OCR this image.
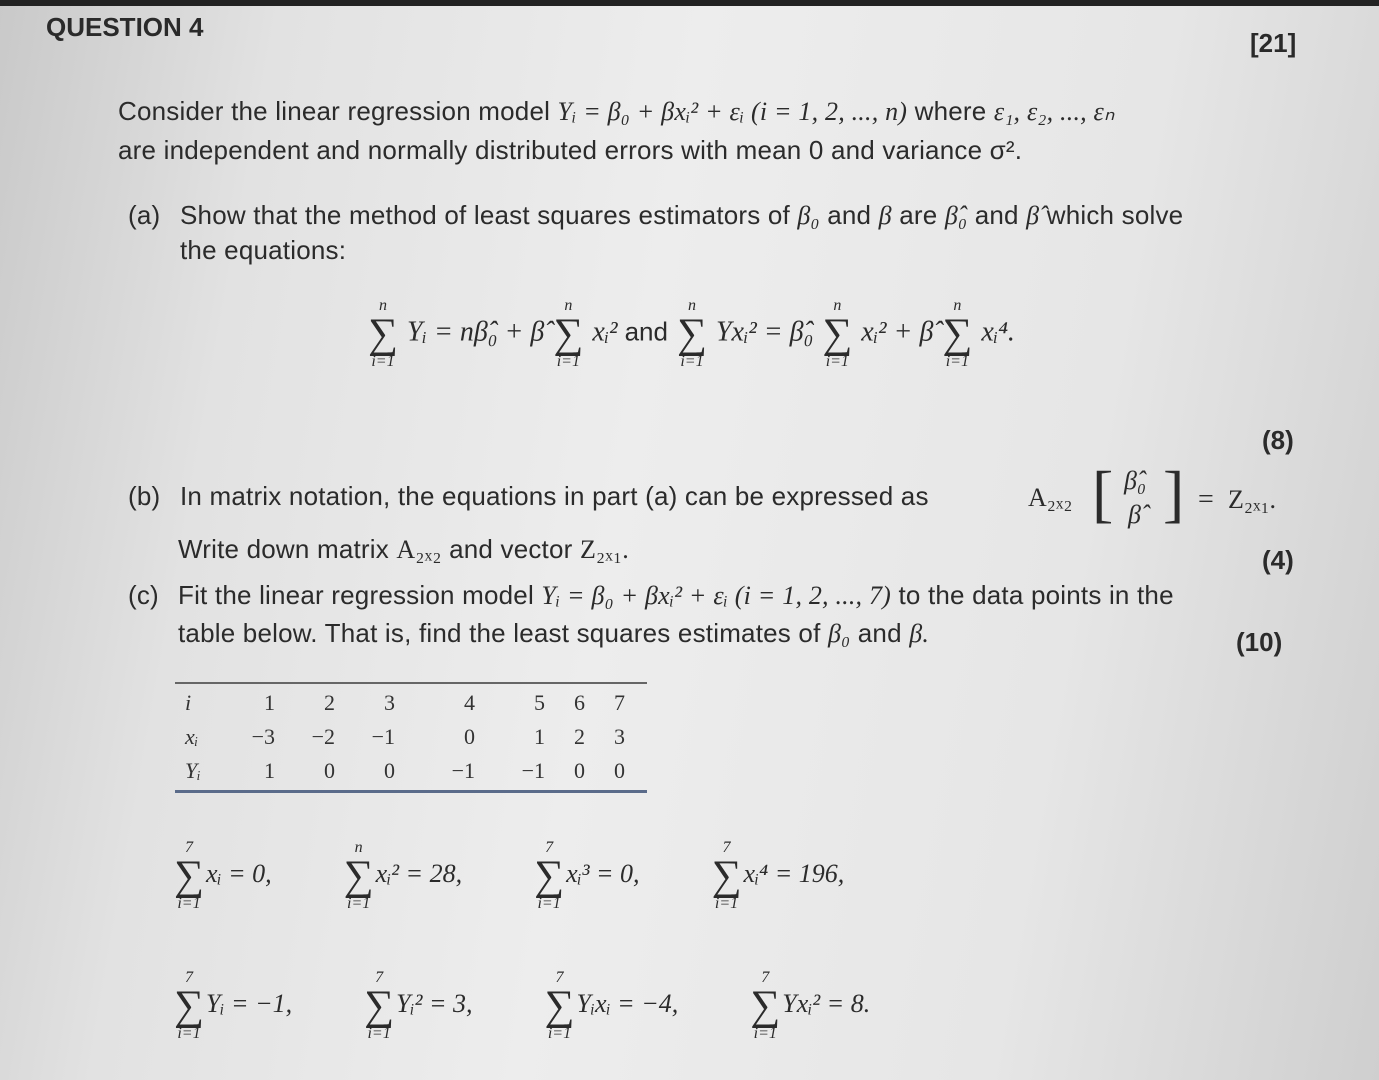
QUESTION 4
[21]
Consider the linear regression model Yᵢ = β₀ + βxᵢ² + εᵢ (i = 1, 2, ..., n) where ε₁, ε₂, ..., εₙ
are independent and normally distributed errors with mean 0 and variance σ².
(a) Show that the method of least squares estimators of β₀ and β are β̂₀ and β̂ which solve
the equations:
n
∑
i=1
Yᵢ = nβ̂₀ + β̂
n
∑
i=1
xᵢ² and
n
∑
i=1
Yxᵢ² = β̂₀
n
∑
i=1
xᵢ² + β̂
n
∑
i=1
xᵢ⁴.
(8)
(b) In matrix notation, the equations in part (a) can be expressed as	A₂ₓ₂ [ β̂₀
β̂ ] = Z₂ₓ₁.
Write down matrix A₂ₓ₂ and vector Z₂ₓ₁.	(4)
(c) Fit the linear regression model Yᵢ = β₀ + βxᵢ² + εᵢ (i = 1, 2, ..., 7) to the data points in the
table below. That is, find the least squares estimates of β₀ and β.	(10)
i	1	2	3	4	5	6	7
xᵢ	−3	−2	−1	0	1	2	3
Yᵢ	1	0	0	−1	−1	0	0
7
∑
i=1
xᵢ = 0,
n
∑
i=1
xᵢ² = 28,
7
∑
i=1
xᵢ³ = 0,
7
∑
i=1
xᵢ⁴ = 196,
7
∑
i=1
Yᵢ = −1,
7
∑
i=1
Yᵢ² = 3,
7
∑
i=1
Yᵢxᵢ = −4,
7
∑
i=1
Yxᵢ² = 8.
